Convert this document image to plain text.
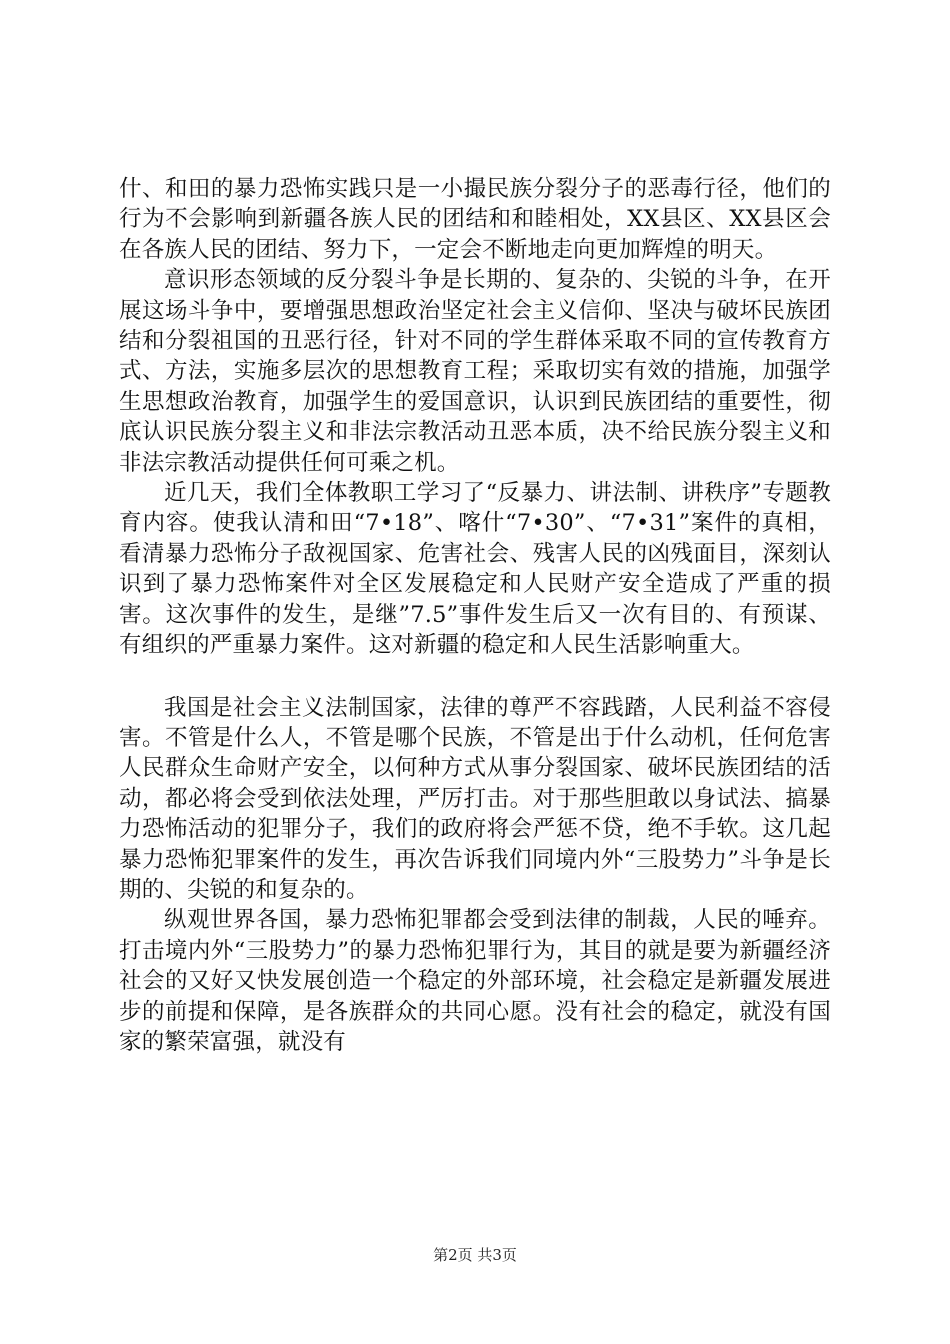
什、和田的暴力恐怖实践只是一小撮民族分裂分子的恶毒行径，他们的行为不会影响到新疆各族人民的团结和和睦相处，XX县区、XX县区会在各族人民的团结、努力下，一定会不断地走向更加辉煌的明天。

意识形态领域的反分裂斗争是长期的、复杂的、尖锐的斗争，在开展这场斗争中，要增强思想政治坚定社会主义信仰、坚决与破坏民族团结和分裂祖国的丑恶行径，针对不同的学生群体采取不同的宣传教育方式、方法，实施多层次的思想教育工程；采取切实有效的措施，加强学生思想政治教育，加强学生的爱国意识，认识到民族团结的重要性，彻底认识民族分裂主义和非法宗教活动丑恶本质，决不给民族分裂主义和非法宗教活动提供任何可乘之机。

近几天，我们全体教职工学习了“反暴力、讲法制、讲秩序”专题教育内容。使我认清和田“7•18”、喀什“7•30”、“7•31”案件的真相，看清暴力恐怖分子敌视国家、危害社会、残害人民的凶残面目，深刻认识到了暴力恐怖案件对全区发展稳定和人民财产安全造成了严重的损害。这次事件的发生，是继”7.5”事件发生后又一次有目的、有预谋、有组织的严重暴力案件。这对新疆的稳定和人民生活影响重大。

我国是社会主义法制国家，法律的尊严不容践踏，人民利益不容侵害。不管是什么人，不管是哪个民族，不管是出于什么动机，任何危害人民群众生命财产安全，以何种方式从事分裂国家、破坏民族团结的活动，都必将会受到依法处理，严厉打击。对于那些胆敢以身试法、搞暴力恐怖活动的犯罪分子，我们的政府将会严惩不贷，绝不手软。这几起暴力恐怖犯罪案件的发生，再次告诉我们同境内外“三股势力”斗争是长期的、尖锐的和复杂的。

纵观世界各国，暴力恐怖犯罪都会受到法律的制裁，人民的唾弃。打击境内外“三股势力”的暴力恐怖犯罪行为，其目的就是要为新疆经济社会的又好又快发展创造一个稳定的外部环境，社会稳定是新疆发展进步的前提和保障，是各族群众的共同心愿。没有社会的稳定，就没有国家的繁荣富强，就没有

第2页 共3页
